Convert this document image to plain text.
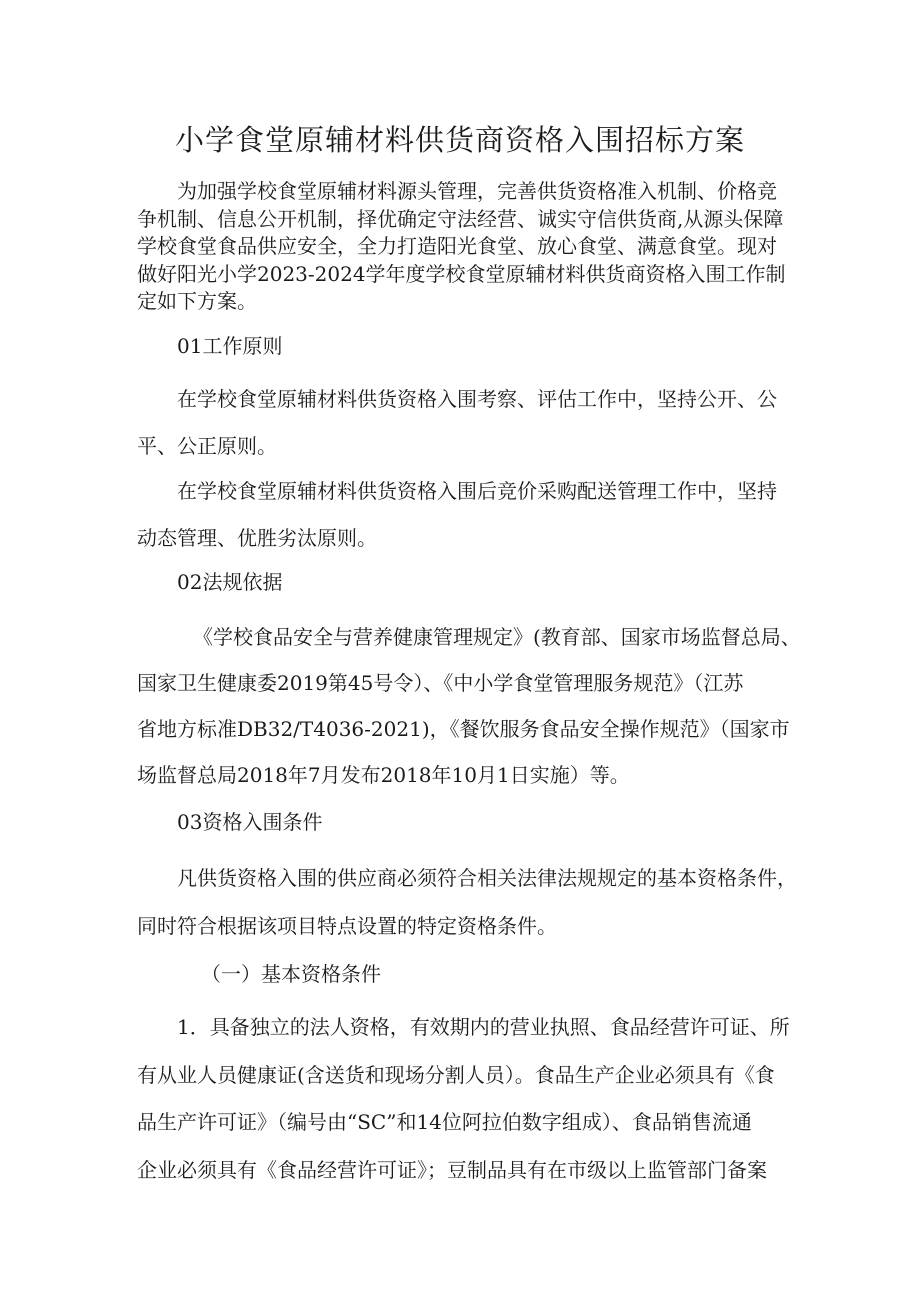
小学食堂原辅材料供货商资格入围招标方案
为加强学校食堂原辅材料源头管理，完善供货资格准入机制、价格竞
争机制、信息公开机制，择优确定守法经营、诚实守信供货商,从源头保障
学校食堂食品供应安全，全力打造阳光食堂、放心食堂、满意食堂。现对
做好阳光小学2023-2024学年度学校食堂原辅材料供货商资格入围工作制
定如下方案。
01工作原则
在学校食堂原辅材料供货资格入围考察、评估工作中，坚持公开、公
平、公正原则。
在学校食堂原辅材料供货资格入围后竞价采购配送管理工作中，坚持
动态管理、优胜劣汰原则。
02法规依据
《学校食品安全与营养健康管理规定》(教育部、国家市场监督总局、
国家卫生健康委2019第45号令）、《中小学食堂管理服务规范》（江苏
省地方标准DB32/T4036-2021)，《餐饮服务食品安全操作规范》（国家市
场监督总局2018年7月发布2018年10月1日实施）等。
03资格入围条件
凡供货资格入围的供应商必须符合相关法律法规规定的基本资格条件，
同时符合根据该项目特点设置的特定资格条件。
（一）基本资格条件
1．具备独立的法人资格，有效期内的营业执照、食品经营许可证、所
有从业人员健康证(含送货和现场分割人员）。食品生产企业必须具有《食
品生产许可证》（编号由“SC”和14位阿拉伯数字组成）、食品销售流通
企业必须具有《食品经营许可证》；豆制品具有在市级以上监管部门备案
